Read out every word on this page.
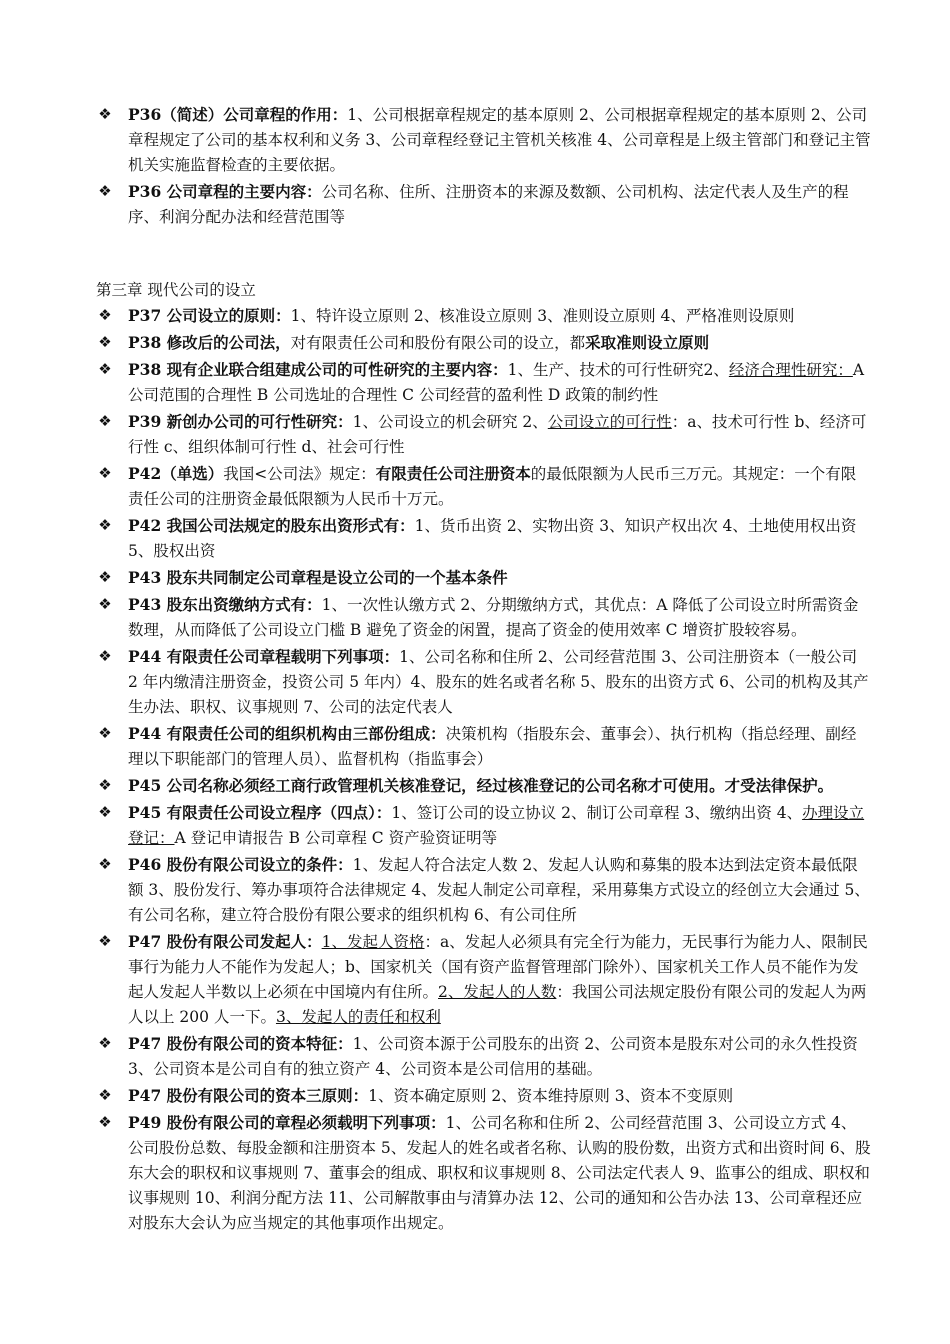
❖ P36（简述）公司章程的作用：1、公司根据章程规定的基本原则 2、公司根据章程规定的基本原则 2、公司章程规定了公司的基本权利和义务 3、公司章程经登记主管机关核准 4、公司章程是上级主管部门和登记主管机关实施监督检查的主要依据。
❖ P36 公司章程的主要内容：公司名称、住所、注册资本的来源及数额、公司机构、法定代表人及生产的程序、利润分配办法和经营范围等
第三章 现代公司的设立
❖ P37 公司设立的原则：1、特许设立原则 2、核准设立原则 3、准则设立原则 4、严格准则设原则
❖ P38 修改后的公司法，对有限责任公司和股份有限公司的设立，都采取准则设立原则
❖ P38 现有企业联合组建成公司的可性研究的主要内容：1、生产、技术的可行性研究2、经济合理性研究：A 公司范围的合理性 B 公司选址的合理性 C 公司经营的盈利性 D 政策的制约性
❖ P39 新创办公司的可行性研究：1、公司设立的机会研究 2、公司设立的可行性：a、技术可行性 b、经济可行性 c、组织体制可行性 d、社会可行性
❖ P42（单选）我国<公司法》规定：有限责任公司注册资本的最低限额为人民币三万元。其规定：一个有限责任公司的注册资金最低限额为人民币十万元。
❖ P42 我国公司法规定的股东出资形式有：1、货币出资 2、实物出资 3、知识产权出次 4、土地使用权出资 5、股权出资
❖ P43 股东共同制定公司章程是设立公司的一个基本条件
❖ P43 股东出资缴纳方式有：1、一次性认缴方式 2、分期缴纳方式，其优点：A 降低了公司设立时所需资金数理，从而降低了公司设立门槛 B 避免了资金的闲置，提高了资金的使用效率 C 增资扩股较容易。
❖ P44 有限责任公司章程载明下列事项：1、公司名称和住所 2、公司经营范围 3、公司注册资本（一般公司 2 年内缴清注册资金，投资公司 5 年内）4、股东的姓名或者名称 5、股东的出资方式 6、公司的机构及其产生办法、职权、议事规则 7、公司的法定代表人
❖ P44 有限责任公司的组织机构由三部份组成：决策机构（指股东会、董事会）、执行机构（指总经理、副经理以下职能部门的管理人员）、监督机构（指监事会）
❖ P45 公司名称必须经工商行政管理机关核准登记，经过核准登记的公司名称才可使用。才受法律保护。
❖ P45 有限责任公司设立程序（四点）：1、签订公司的设立协议 2、制订公司章程 3、缴纳出资 4、办理设立登记：A 登记申请报告 B 公司章程 C 资产验资证明等
❖ P46 股份有限公司设立的条件：1、发起人符合法定人数 2、发起人认购和募集的股本达到法定资本最低限额 3、股份发行、筹办事项符合法律规定 4、发起人制定公司章程，采用募集方式设立的经创立大会通过 5、有公司名称，建立符合股份有限公要求的组织机构 6、有公司住所
❖ P47 股份有限公司发起人：1、发起人资格：a、发起人必须具有完全行为能力，无民事行为能力人、限制民事行为能力人不能作为发起人；b、国家机关（国有资产监督管理部门除外）、国家机关工作人员不能作为发起人发起人半数以上必须在中国境内有住所。2、发起人的人数：我国公司法规定股份有限公司的发起人为两人以上 200 人一下。3、发起人的责任和权利
❖ P47 股份有限公司的资本特征：1、公司资本源于公司股东的出资 2、公司资本是股东对公司的永久性投资 3、公司资本是公司自有的独立资产 4、公司资本是公司信用的基础。
❖ P47 股份有限公司的资本三原则：1、资本确定原则 2、资本维持原则 3、资本不变原则
❖ P49 股份有限公司的章程必须载明下列事项：1、公司名称和住所 2、公司经营范围 3、公司设立方式 4、公司股份总数、每股金额和注册资本 5、发起人的姓名或者名称、认购的股份数，出资方式和出资时间 6、股东大会的职权和议事规则 7、董事会的组成、职权和议事规则 8、公司法定代表人 9、监事公的组成、职权和议事规则 10、利润分配方法 11、公司解散事由与清算办法 12、公司的通知和公告办法 13、公司章程还应对股东大会认为应当规定的其他事项作出规定。
